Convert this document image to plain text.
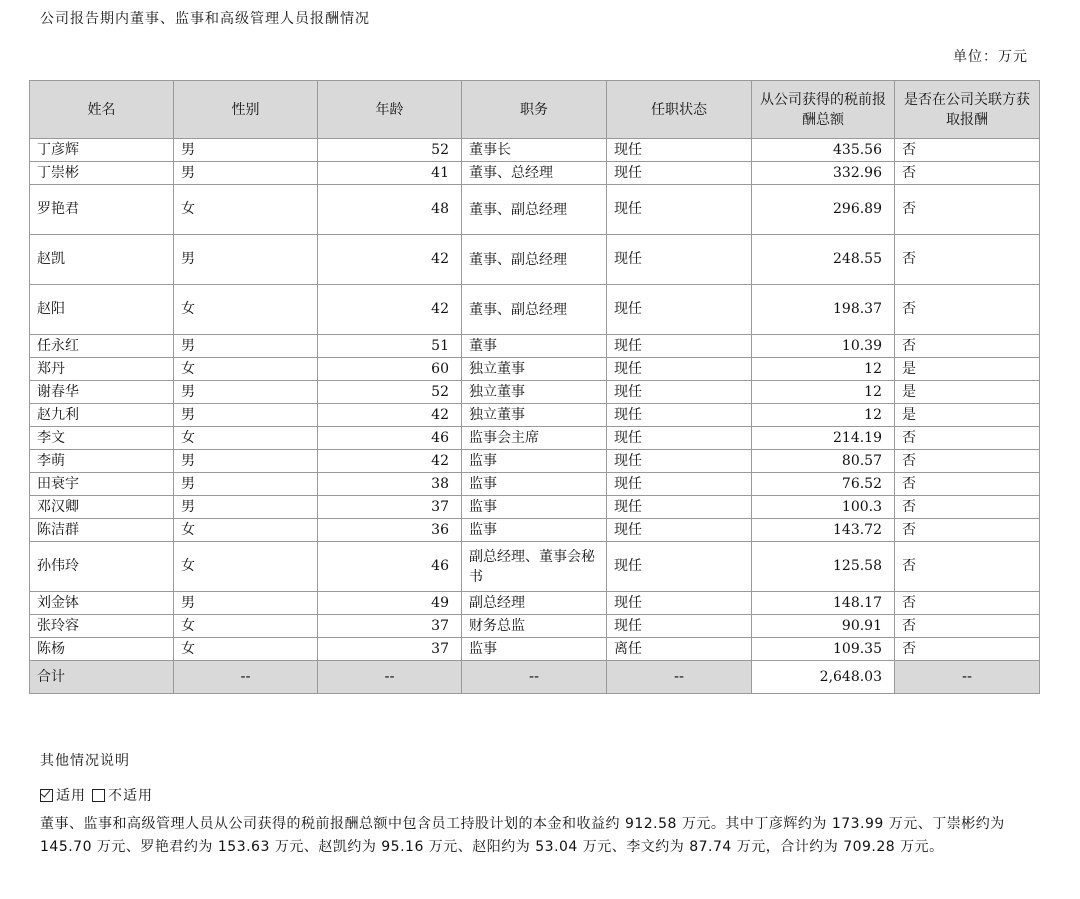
公司报告期内董事、监事和高级管理人员报酬情况
单位：万元
姓名	性别	年龄	职务	任职状态	从公司获得的税前报酬总额	是否在公司关联方获取报酬
丁彦辉	男	52	董事长	现任	435.56	否
丁崇彬	男	41	董事、总经理	现任	332.96	否
罗艳君	女	48	董事、副总经理	现任	296.89	否
赵凯	男	42	董事、副总经理	现任	248.55	否
赵阳	女	42	董事、副总经理	现任	198.37	否
任永红	男	51	董事	现任	10.39	否
郑丹	女	60	独立董事	现任	12	是
谢春华	男	52	独立董事	现任	12	是
赵九利	男	42	独立董事	现任	12	是
李文	女	46	监事会主席	现任	214.19	否
李萌	男	42	监事	现任	80.57	否
田衰宇	男	38	监事	现任	76.52	否
邓汉卿	男	37	监事	现任	100.3	否
陈洁群	女	36	监事	现任	143.72	否
孙伟玲	女	46	副总经理、董事会秘书	现任	125.58	否
刘金钵	男	49	副总经理	现任	148.17	否
张玲容	女	37	财务总监	现任	90.91	否
陈杨	女	37	监事	离任	109.35	否
合计	--	--	--	--	2,648.03	--
其他情况说明
适用 不适用
董事、监事和高级管理人员从公司获得的税前报酬总额中包含员工持股计划的本金和收益约 912.58 万元。其中丁彦辉约为 173.99 万元、丁崇彬约为 145.70 万元、罗艳君约为 153.63 万元、赵凯约为 95.16 万元、赵阳约为 53.04 万元、李文约为 87.74 万元，合计约为 709.28 万元。
